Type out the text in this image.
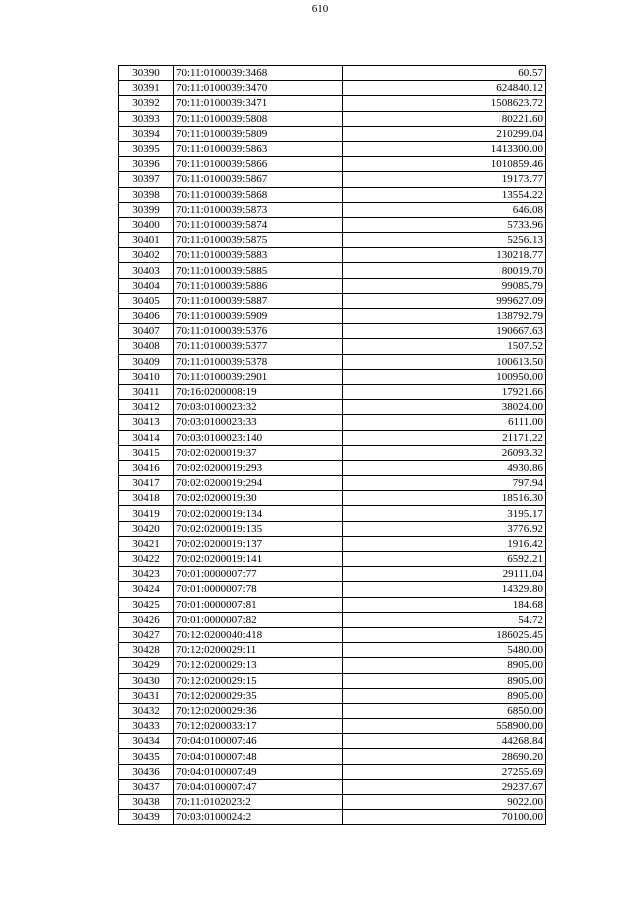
610
30390	70:11:0100039:3468	60.57
30391	70:11:0100039:3470	624840.12
30392	70:11:0100039:3471	1508623.72
30393	70:11:0100039:5808	80221.60
30394	70:11:0100039:5809	210299.04
30395	70:11:0100039:5863	1413300.00
30396	70:11:0100039:5866	1010859.46
30397	70:11:0100039:5867	19173.77
30398	70:11:0100039:5868	13554.22
30399	70:11:0100039:5873	646.08
30400	70:11:0100039:5874	5733.96
30401	70:11:0100039:5875	5256.13
30402	70:11:0100039:5883	130218.77
30403	70:11:0100039:5885	80019.70
30404	70:11:0100039:5886	99085.79
30405	70:11:0100039:5887	999627.09
30406	70:11:0100039:5909	138792.79
30407	70:11:0100039:5376	190667.63
30408	70:11:0100039:5377	1507.52
30409	70:11:0100039:5378	100613.50
30410	70:11:0100039:2901	100950.00
30411	70:16:0200008:19	17921.66
30412	70:03:0100023:32	38024.00
30413	70:03:0100023:33	6111.00
30414	70:03:0100023:140	21171.22
30415	70:02:0200019:37	26093.32
30416	70:02:0200019:293	4930.86
30417	70:02:0200019:294	797.94
30418	70:02:0200019:30	18516.30
30419	70:02:0200019:134	3195.17
30420	70:02:0200019:135	3776.92
30421	70:02:0200019:137	1916.42
30422	70:02:0200019:141	6592.21
30423	70:01:0000007:77	29111.04
30424	70:01:0000007:78	14329.80
30425	70:01:0000007:81	184.68
30426	70:01:0000007:82	54.72
30427	70:12:0200040:418	186025.45
30428	70:12:0200029:11	5480.00
30429	70:12:0200029:13	8905.00
30430	70:12:0200029:15	8905.00
30431	70:12:0200029:35	8905.00
30432	70:12:0200029:36	6850.00
30433	70:12:0200033:17	558900.00
30434	70:04:0100007:46	44268.84
30435	70:04:0100007:48	28690.20
30436	70:04:0100007:49	27255.69
30437	70:04:0100007:47	29237.67
30438	70:11:0102023:2	9022.00
30439	70:03:0100024:2	70100.00
